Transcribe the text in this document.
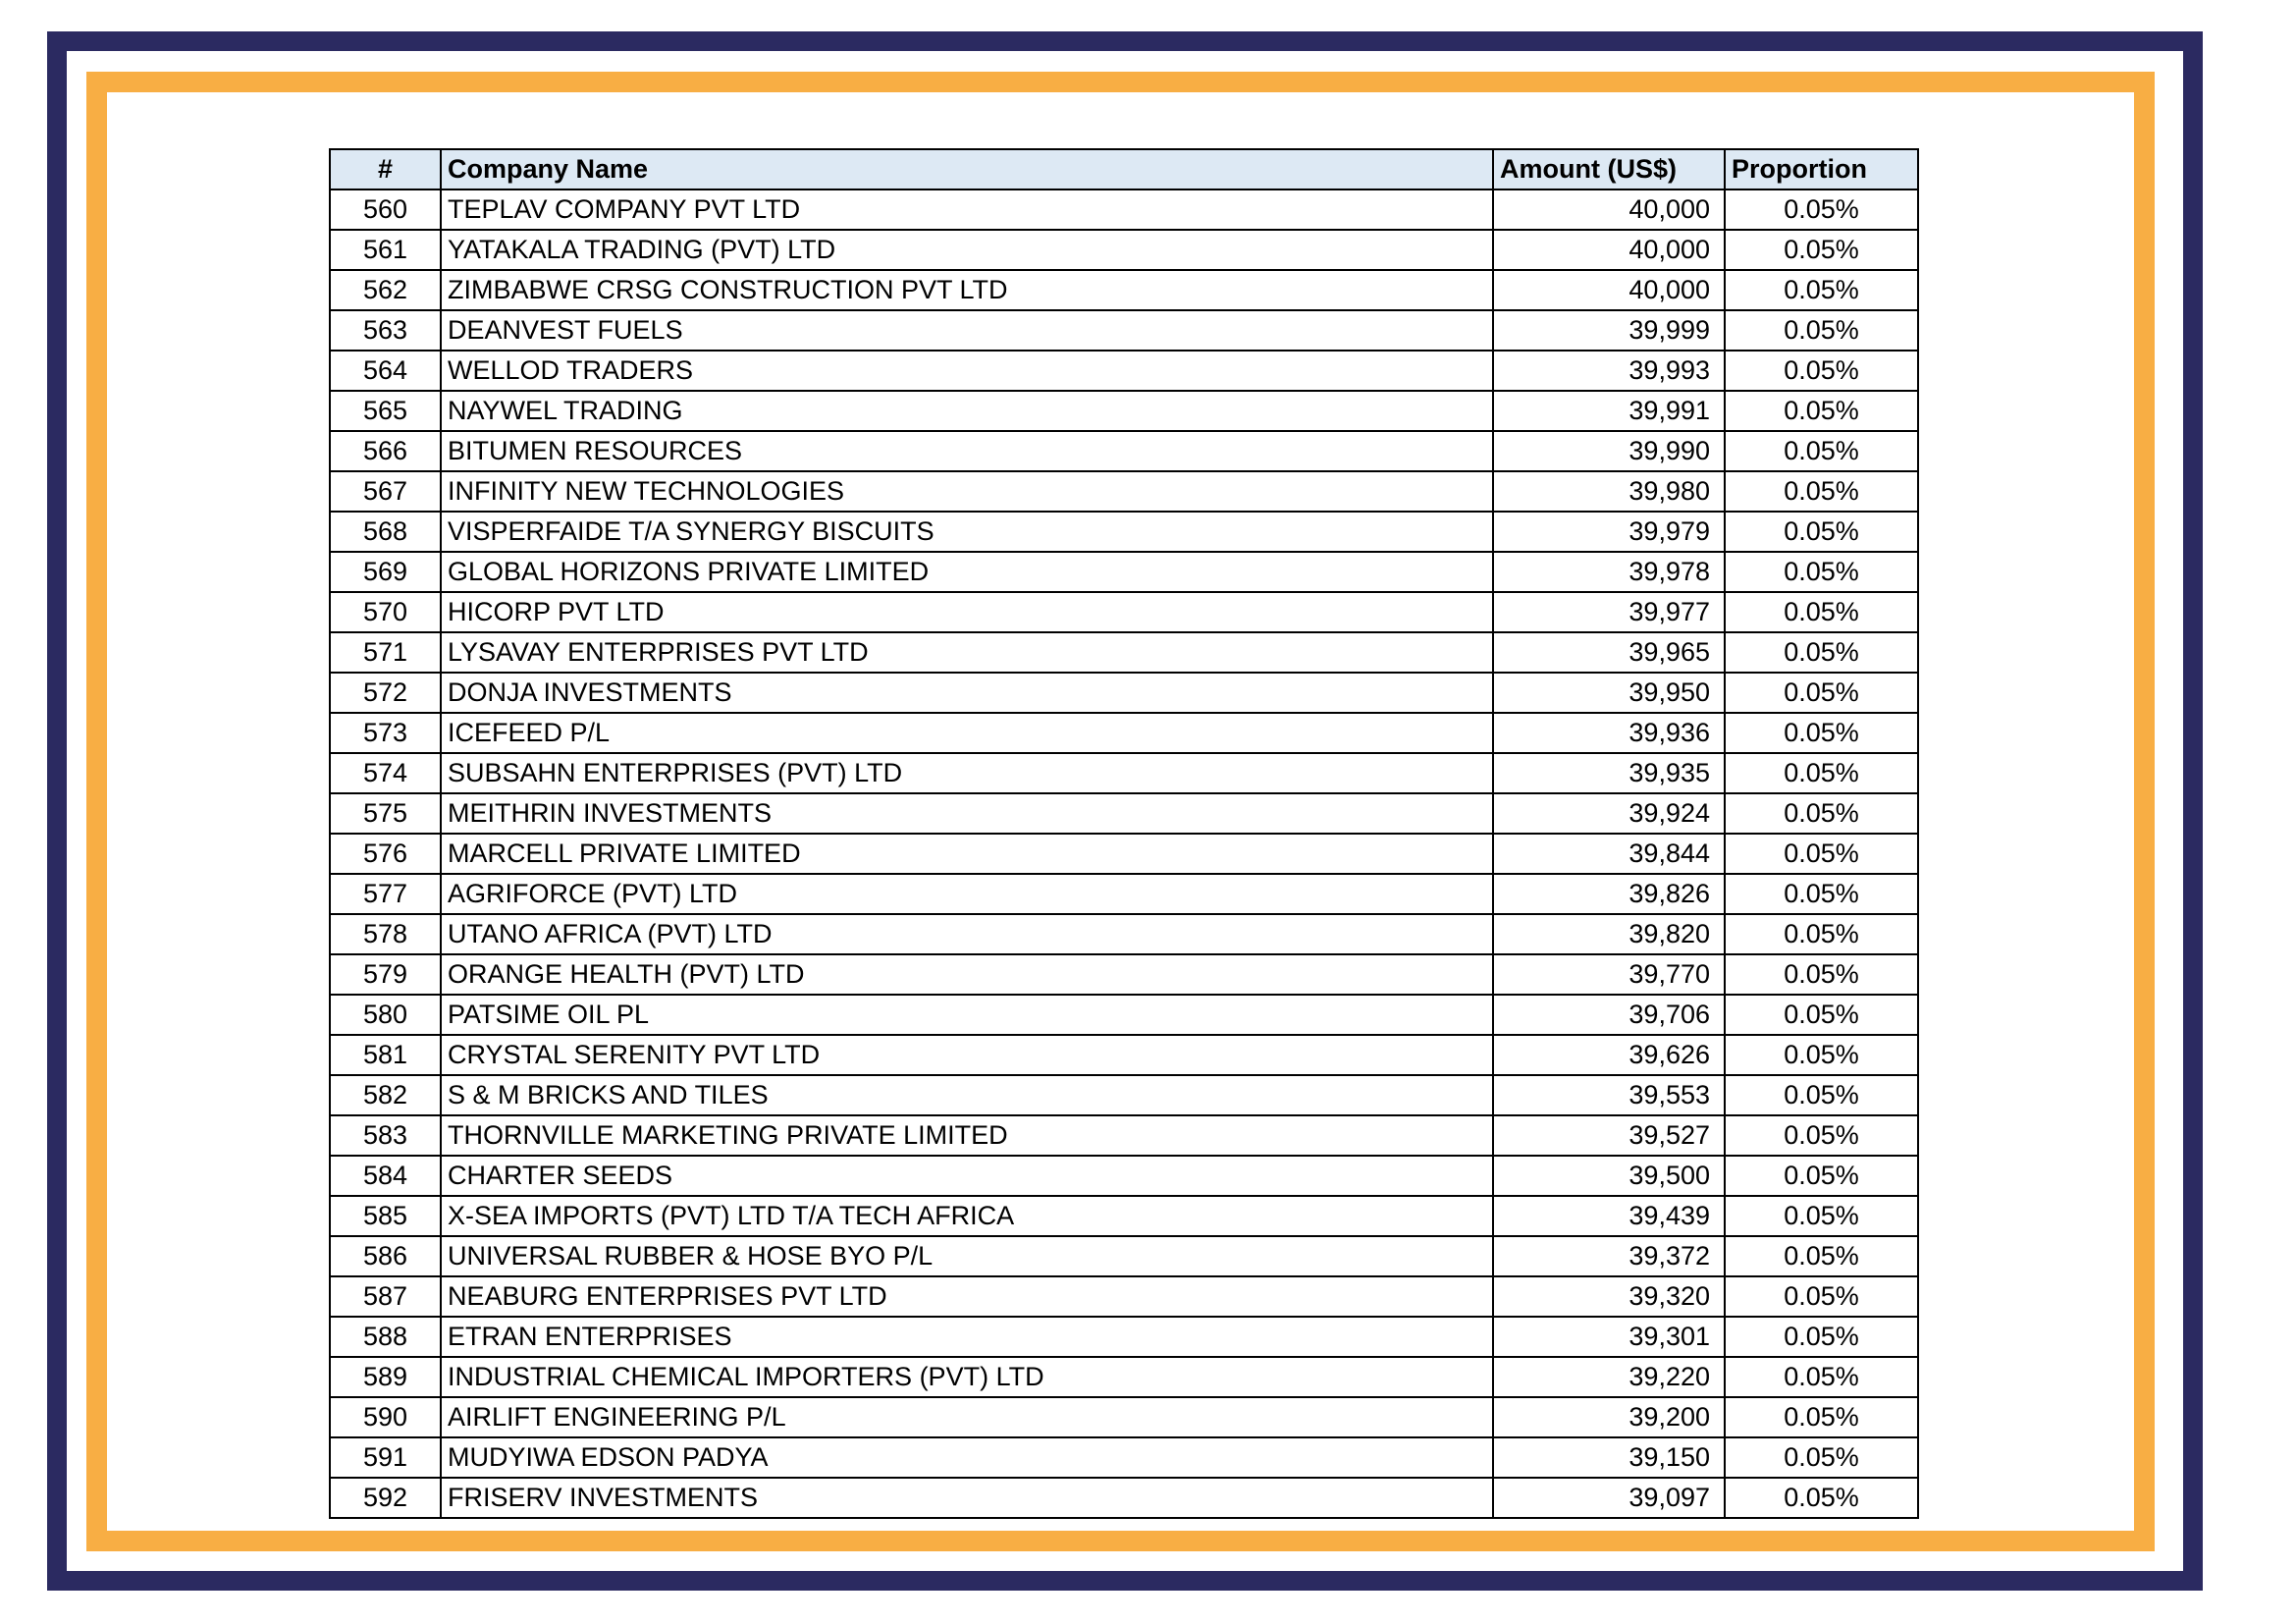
#	Company Name	Amount (US$)	Proportion
560	TEPLAV COMPANY PVT LTD	40,000	0.05%
561	YATAKALA TRADING (PVT) LTD	40,000	0.05%
562	ZIMBABWE CRSG CONSTRUCTION PVT LTD	40,000	0.05%
563	DEANVEST FUELS	39,999	0.05%
564	WELLOD TRADERS	39,993	0.05%
565	NAYWEL TRADING	39,991	0.05%
566	BITUMEN RESOURCES	39,990	0.05%
567	INFINITY NEW TECHNOLOGIES	39,980	0.05%
568	VISPERFAIDE T/A SYNERGY BISCUITS	39,979	0.05%
569	GLOBAL HORIZONS PRIVATE LIMITED	39,978	0.05%
570	HICORP PVT LTD	39,977	0.05%
571	LYSAVAY ENTERPRISES PVT LTD	39,965	0.05%
572	DONJA INVESTMENTS	39,950	0.05%
573	ICEFEED P/L	39,936	0.05%
574	SUBSAHN ENTERPRISES (PVT) LTD	39,935	0.05%
575	MEITHRIN INVESTMENTS	39,924	0.05%
576	MARCELL PRIVATE LIMITED	39,844	0.05%
577	AGRIFORCE (PVT) LTD	39,826	0.05%
578	UTANO AFRICA (PVT) LTD	39,820	0.05%
579	ORANGE HEALTH (PVT) LTD	39,770	0.05%
580	PATSIME OIL PL	39,706	0.05%
581	CRYSTAL SERENITY PVT LTD	39,626	0.05%
582	S & M BRICKS AND TILES	39,553	0.05%
583	THORNVILLE MARKETING PRIVATE LIMITED	39,527	0.05%
584	CHARTER SEEDS	39,500	0.05%
585	X-SEA IMPORTS (PVT) LTD T/A TECH AFRICA	39,439	0.05%
586	UNIVERSAL RUBBER & HOSE BYO P/L	39,372	0.05%
587	NEABURG ENTERPRISES PVT LTD	39,320	0.05%
588	ETRAN ENTERPRISES	39,301	0.05%
589	INDUSTRIAL CHEMICAL IMPORTERS (PVT) LTD	39,220	0.05%
590	AIRLIFT ENGINEERING P/L	39,200	0.05%
591	MUDYIWA EDSON PADYA	39,150	0.05%
592	FRISERV INVESTMENTS	39,097	0.05%
